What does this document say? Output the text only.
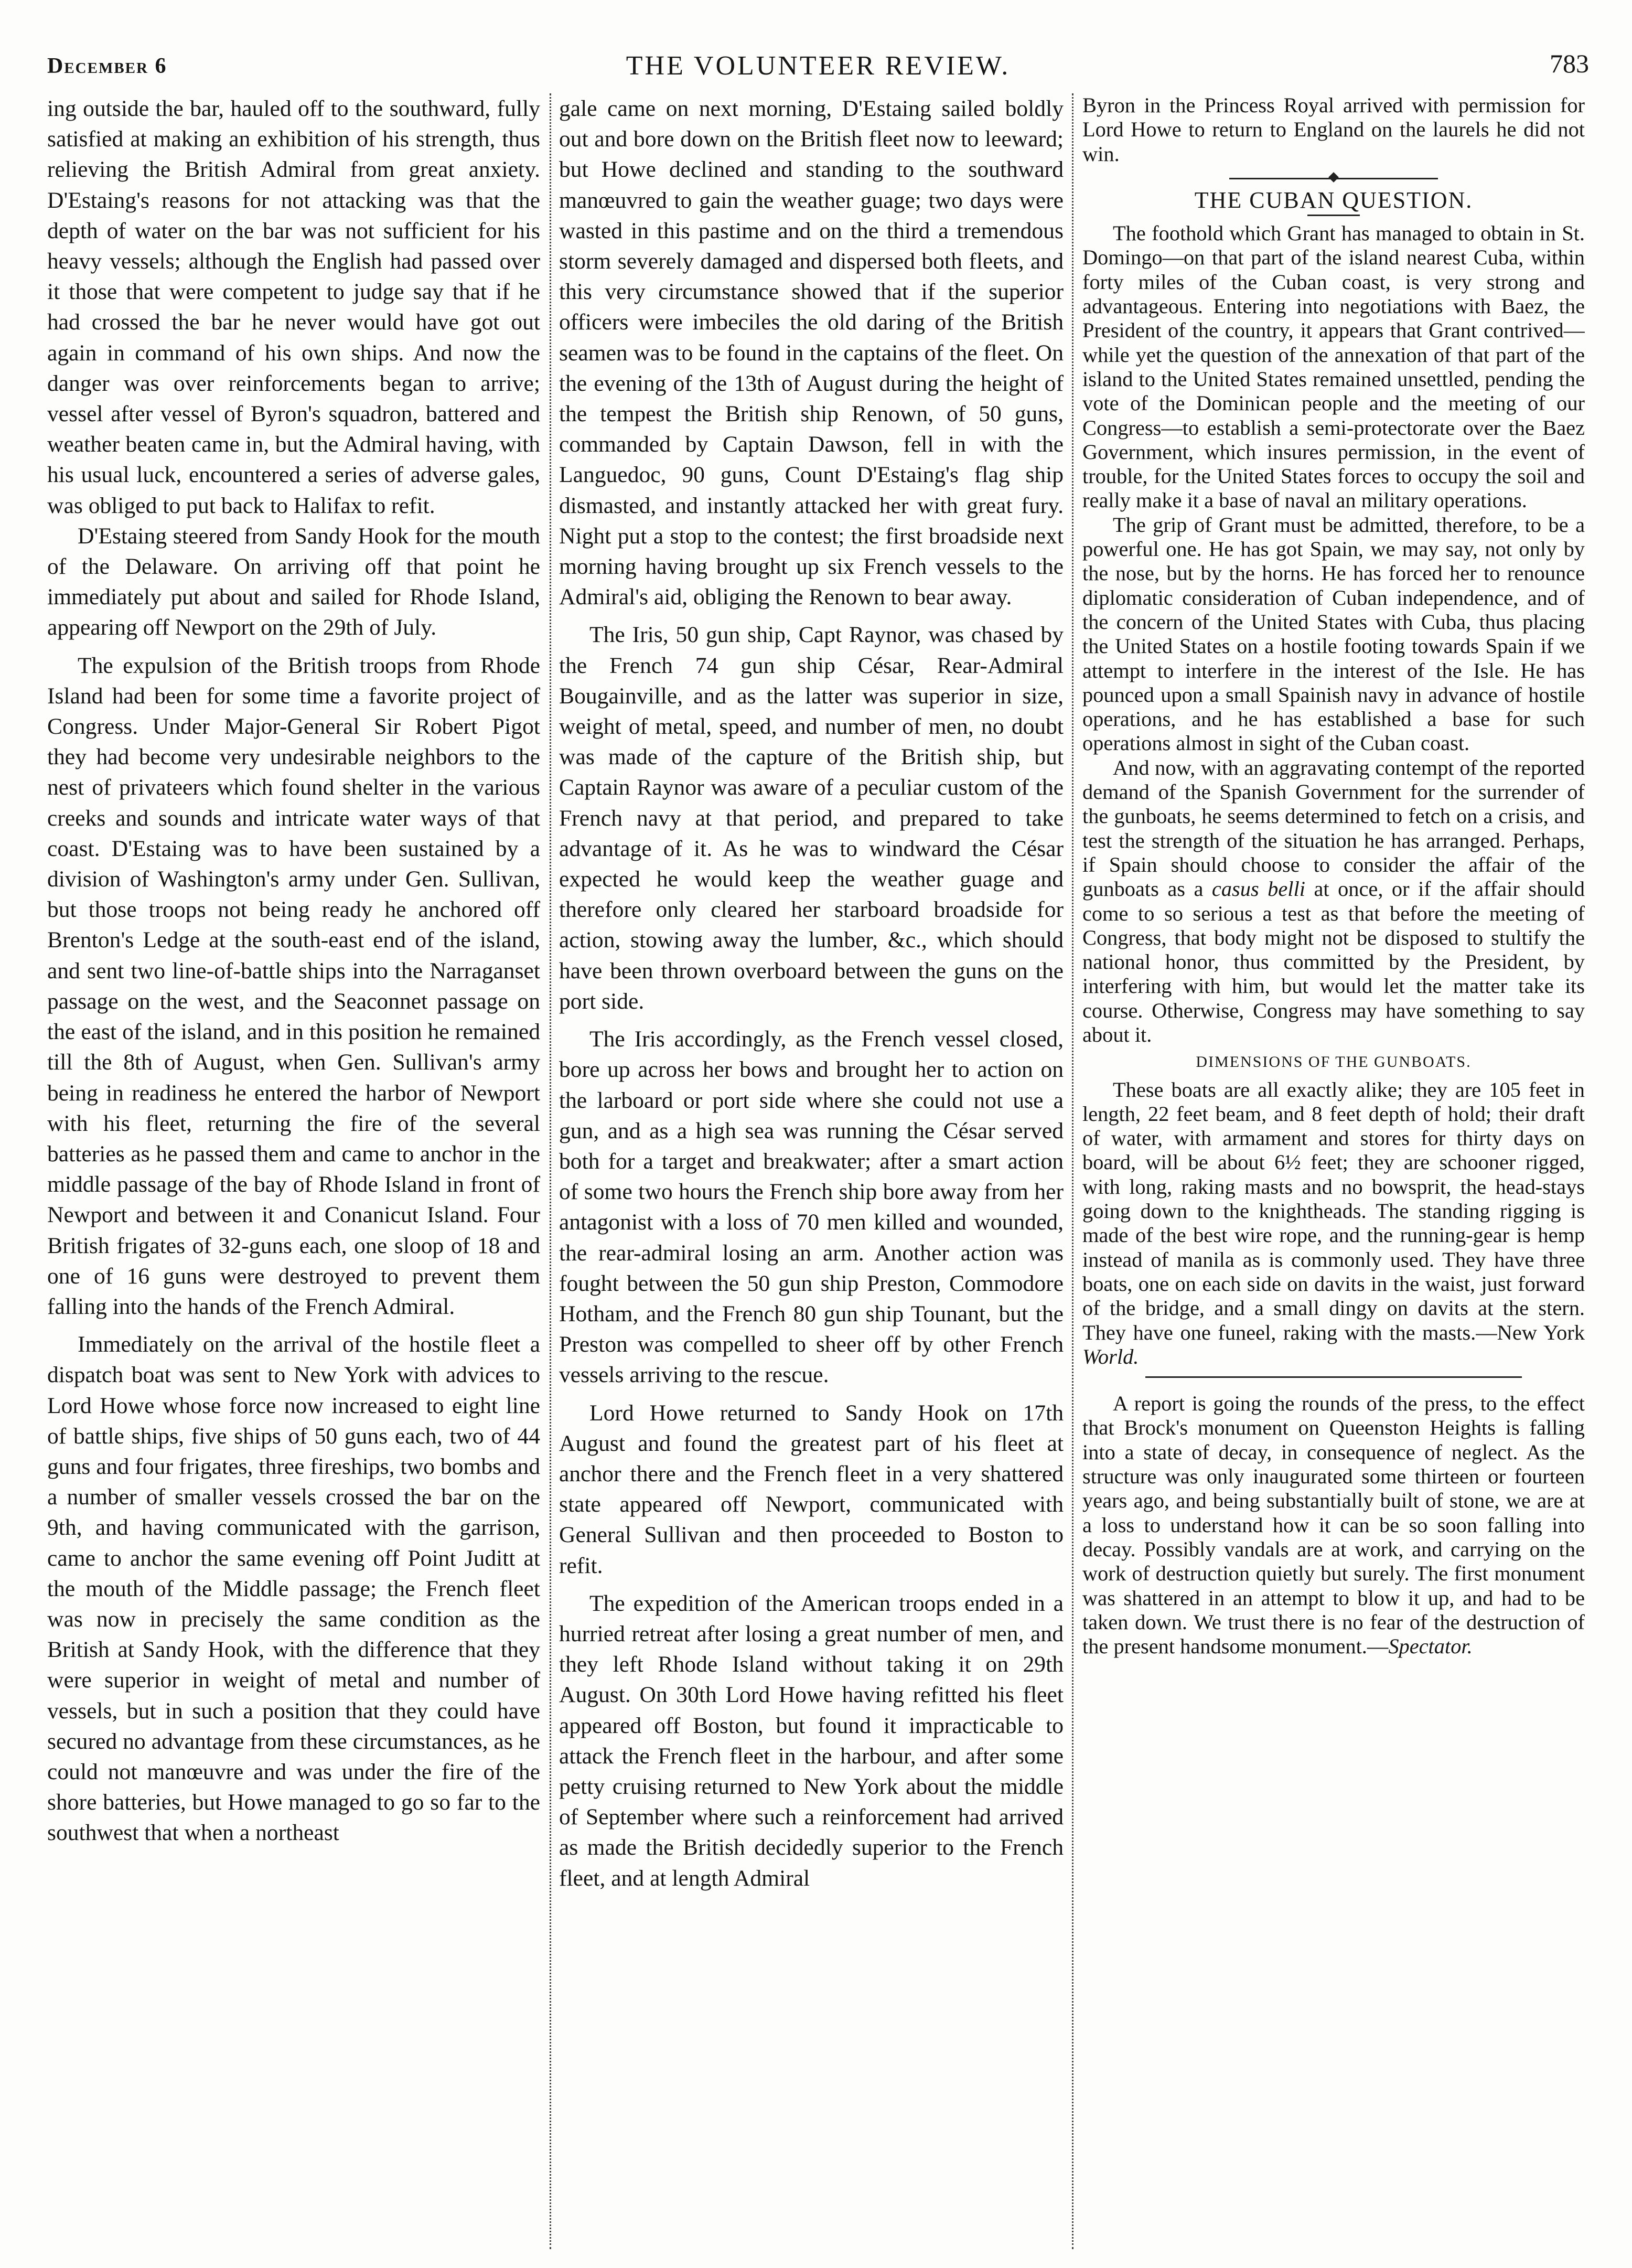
December 6	THE VOLUNTEER REVIEW.	783

ing outside the bar, hauled off to the southward, fully satisfied at making an exhibition of his strength, thus relieving the British Admiral from great anxiety. D'Estaing's reasons for not attacking was that the depth of water on the bar was not sufficient for his heavy vessels; although the English had passed over it those that were competent to judge say that if he had crossed the bar he never would have got out again in command of his own ships. And now the danger was over reinforcements began to arrive; vessel after vessel of Byron's squadron, battered and weather beaten came in, but the Admiral having, with his usual luck, encountered a series of adverse gales, was obliged to put back to Halifax to refit.

D'Estaing steered from Sandy Hook for the mouth of the Delaware. On arriving off that point he immediately put about and sailed for Rhode Island, appearing off Newport on the 29th of July.

The expulsion of the British troops from Rhode Island had been for some time a favorite project of Congress. Under Major-General Sir Robert Pigot they had become very undesirable neighbors to the nest of privateers which found shelter in the various creeks and sounds and intricate water ways of that coast. D'Estaing was to have been sustained by a division of Washington's army under Gen. Sullivan, but those troops not being ready he anchored off Brenton's Ledge at the south-east end of the island, and sent two line-of-battle ships into the Narraganset passage on the west, and the Seaconnet passage on the east of the island, and in this position he remained till the 8th of August, when Gen. Sullivan's army being in readiness he entered the harbor of Newport with his fleet, returning the fire of the several batteries as he passed them and came to anchor in the middle passage of the bay of Rhode Island in front of Newport and between it and Conanicut Island. Four British frigates of 32-guns each, one sloop of 18 and one of 16 guns were destroyed to prevent them falling into the hands of the French Admiral.

Immediately on the arrival of the hostile fleet a dispatch boat was sent to New York with advices to Lord Howe whose force now increased to eight line of battle ships, five ships of 50 guns each, two of 44 guns and four frigates, three fireships, two bombs and a number of smaller vessels crossed the bar on the 9th, and having communicated with the garrison, came to anchor the same evening off Point Juditt at the mouth of the Middle passage; the French fleet was now in precisely the same condition as the British at Sandy Hook, with the difference that they were superior in weight of metal and number of vessels, but in such a position that they could have secured no advantage from these circumstances, as he could not manœuvre and was under the fire of the shore batteries, but Howe managed to go so far to the southwest that when a northeast

gale came on next morning, D'Estaing sailed boldly out and bore down on the British fleet now to leeward; but Howe declined and standing to the southward manœuvred to gain the weather guage; two days were wasted in this pastime and on the third a tremendous storm severely damaged and dispersed both fleets, and this very circumstance showed that if the superior officers were imbeciles the old daring of the British seamen was to be found in the captains of the fleet. On the evening of the 13th of August during the height of the tempest the British ship Renown, of 50 guns, commanded by Captain Dawson, fell in with the Languedoc, 90 guns, Count D'Estaing's flag ship dismasted, and instantly attacked her with great fury. Night put a stop to the contest; the first broadside next morning having brought up six French vessels to the Admiral's aid, obliging the Renown to bear away.

The Iris, 50 gun ship, Capt Raynor, was chased by the French 74 gun ship César, Rear-Admiral Bougainville, and as the latter was superior in size, weight of metal, speed, and number of men, no doubt was made of the capture of the British ship, but Captain Raynor was aware of a peculiar custom of the French navy at that period, and prepared to take advantage of it. As he was to windward the César expected he would keep the weather guage and therefore only cleared her starboard broadside for action, stowing away the lumber, &c., which should have been thrown overboard between the guns on the port side.

The Iris accordingly, as the French vessel closed, bore up across her bows and brought her to action on the larboard or port side where she could not use a gun, and as a high sea was running the César served both for a target and breakwater; after a smart action of some two hours the French ship bore away from her antagonist with a loss of 70 men killed and wounded, the rear-admiral losing an arm. Another action was fought between the 50 gun ship Preston, Commodore Hotham, and the French 80 gun ship Tounant, but the Preston was compelled to sheer off by other French vessels arriving to the rescue.

Lord Howe returned to Sandy Hook on 17th August and found the greatest part of his fleet at anchor there and the French fleet in a very shattered state appeared off Newport, communicated with General Sullivan and then proceeded to Boston to refit.

The expedition of the American troops ended in a hurried retreat after losing a great number of men, and they left Rhode Island without taking it on 29th August. On 30th Lord Howe having refitted his fleet appeared off Boston, but found it impracticable to attack the French fleet in the harbour, and after some petty cruising returned to New York about the middle of September where such a reinforcement had arrived as made the British decidedly superior to the French fleet, and at length Admiral

Byron in the Princess Royal arrived with permission for Lord Howe to return to England on the laurels he did not win.

THE CUBAN QUESTION.

The foothold which Grant has managed to obtain in St. Domingo—on that part of the island nearest Cuba, within forty miles of the Cuban coast, is very strong and advantageous. Entering into negotiations with Baez, the President of the country, it appears that Grant contrived—while yet the question of the annexation of that part of the island to the United States remained unsettled, pending the vote of the Dominican people and the meeting of our Congress—to establish a semi-protectorate over the Baez Government, which insures permission, in the event of trouble, for the United States forces to occupy the soil and really make it a base of naval an military operations.

The grip of Grant must be admitted, therefore, to be a powerful one. He has got Spain, we may say, not only by the nose, but by the horns. He has forced her to renounce diplomatic consideration of Cuban independence, and of the concern of the United States with Cuba, thus placing the United States on a hostile footing towards Spain if we attempt to interfere in the interest of the Isle. He has pounced upon a small Spainish navy in advance of hostile operations, and he has established a base for such operations almost in sight of the Cuban coast.

And now, with an aggravating contempt of the reported demand of the Spanish Government for the surrender of the gunboats, he seems determined to fetch on a crisis, and test the strength of the situation he has arranged. Perhaps, if Spain should choose to consider the affair of the gunboats as a casus belli at once, or if the affair should come to so serious a test as that before the meeting of Congress, that body might not be disposed to stultify the national honor, thus committed by the President, by interfering with him, but would let the matter take its course. Otherwise, Congress may have something to say about it.

DIMENSIONS OF THE GUNBOATS.

These boats are all exactly alike; they are 105 feet in length, 22 feet beam, and 8 feet depth of hold; their draft of water, with armament and stores for thirty days on board, will be about 6½ feet; they are schooner rigged, with long, raking masts and no bowsprit, the head-stays going down to the knightheads. The standing rigging is made of the best wire rope, and the running-gear is hemp instead of manila as is commonly used. They have three boats, one on each side on davits in the waist, just forward of the bridge, and a small dingy on davits at the stern. They have one funeel, raking with the masts.—New York World.

A report is going the rounds of the press, to the effect that Brock's monument on Queenston Heights is falling into a state of decay, in consequence of neglect. As the structure was only inaugurated some thirteen or fourteen years ago, and being substantially built of stone, we are at a loss to understand how it can be so soon falling into decay. Possibly vandals are at work, and carrying on the work of destruction quietly but surely. The first monument was shattered in an attempt to blow it up, and had to be taken down. We trust there is no fear of the destruction of the present handsome monument.—Spectator.
